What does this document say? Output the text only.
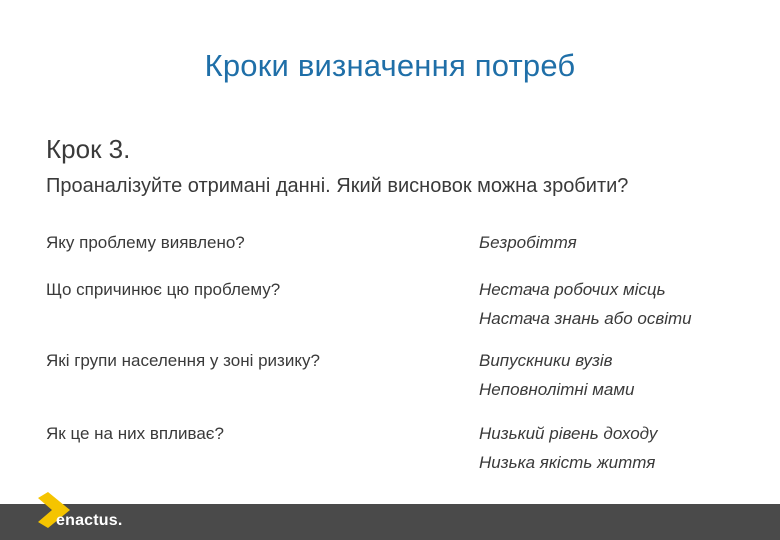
Кроки визначення потреб
Крок 3.
Проаналізуйте отримані данні. Який висновок можна зробити?
Яку проблему виявлено?	Безробіття
Що спричинює цю проблему?	Нестача робочих місць
Настача знань або освіти
Які групи населення у зоні ризику?	Випускники вузів
Неповнолітні мами
Як це на них впливає?	Низький рівень доходу
Низька якість життя
enactus.
